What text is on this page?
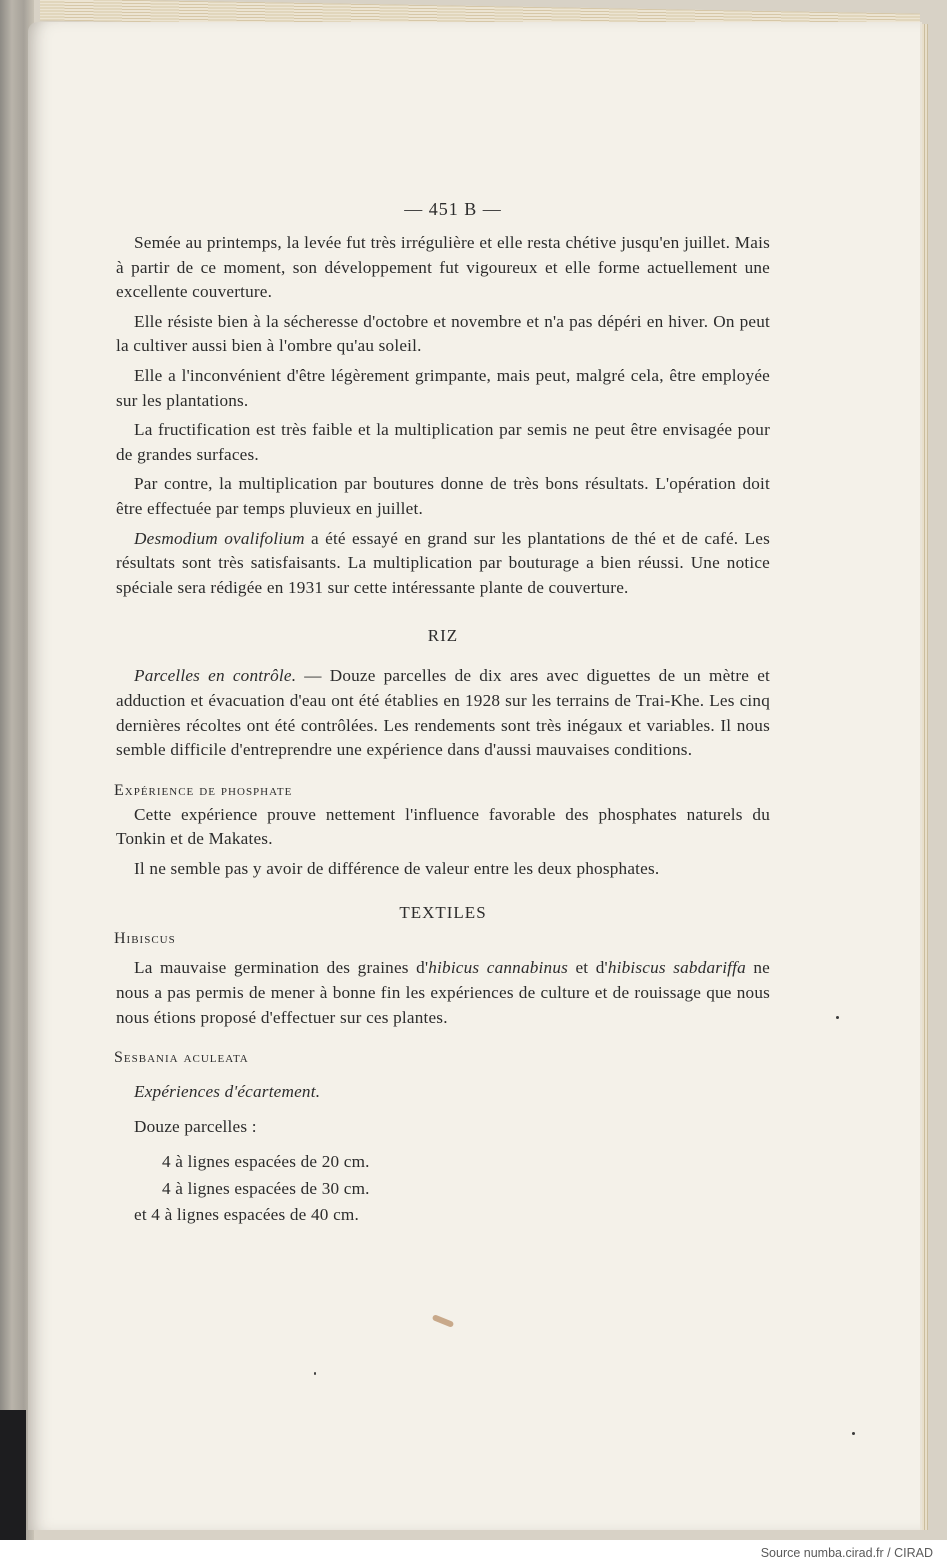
— 451 B —

Semée au printemps, la levée fut très irrégulière et elle resta chétive jusqu'en juillet. Mais à partir de ce moment, son développement fut vigoureux et elle forme actuellement une excellente couverture.

Elle résiste bien à la sécheresse d'octobre et novembre et n'a pas dépéri en hiver. On peut la cultiver aussi bien à l'ombre qu'au soleil.

Elle a l'inconvénient d'être légèrement grimpante, mais peut, malgré cela, être employée sur les plantations.

La fructification est très faible et la multiplication par semis ne peut être envisagée pour de grandes surfaces.

Par contre, la multiplication par boutures donne de très bons résultats. L'opération doit être effectuée par temps pluvieux en juillet.

Desmodium ovalifolium a été essayé en grand sur les plantations de thé et de café. Les résultats sont très satisfaisants. La multiplication par bouturage a bien réussi. Une notice spéciale sera rédigée en 1931 sur cette intéressante plante de couverture.

RIZ

Parcelles en contrôle. — Douze parcelles de dix ares avec diguettes de un mètre et adduction et évacuation d'eau ont été établies en 1928 sur les terrains de Trai-Khe. Les cinq dernières récoltes ont été contrôlées. Les rendements sont très inégaux et variables. Il nous semble difficile d'entreprendre une expérience dans d'aussi mauvaises conditions.

Expérience de phosphate

Cette expérience prouve nettement l'influence favorable des phosphates naturels du Tonkin et de Makates.

Il ne semble pas y avoir de différence de valeur entre les deux phosphates.

TEXTILES
Hibiscus

La mauvaise germination des graines d'hibicus cannabinus et d'hibiscus sabdariffa ne nous a pas permis de mener à bonne fin les expériences de culture et de rouissage que nous nous étions proposé d'effectuer sur ces plantes.

Sesbania aculeata

Expériences d'écartement.

Douze parcelles :

4 à lignes espacées de 20 cm.
4 à lignes espacées de 30 cm.
et 4 à lignes espacées de 40 cm.
Source numba.cirad.fr / CIRAD
